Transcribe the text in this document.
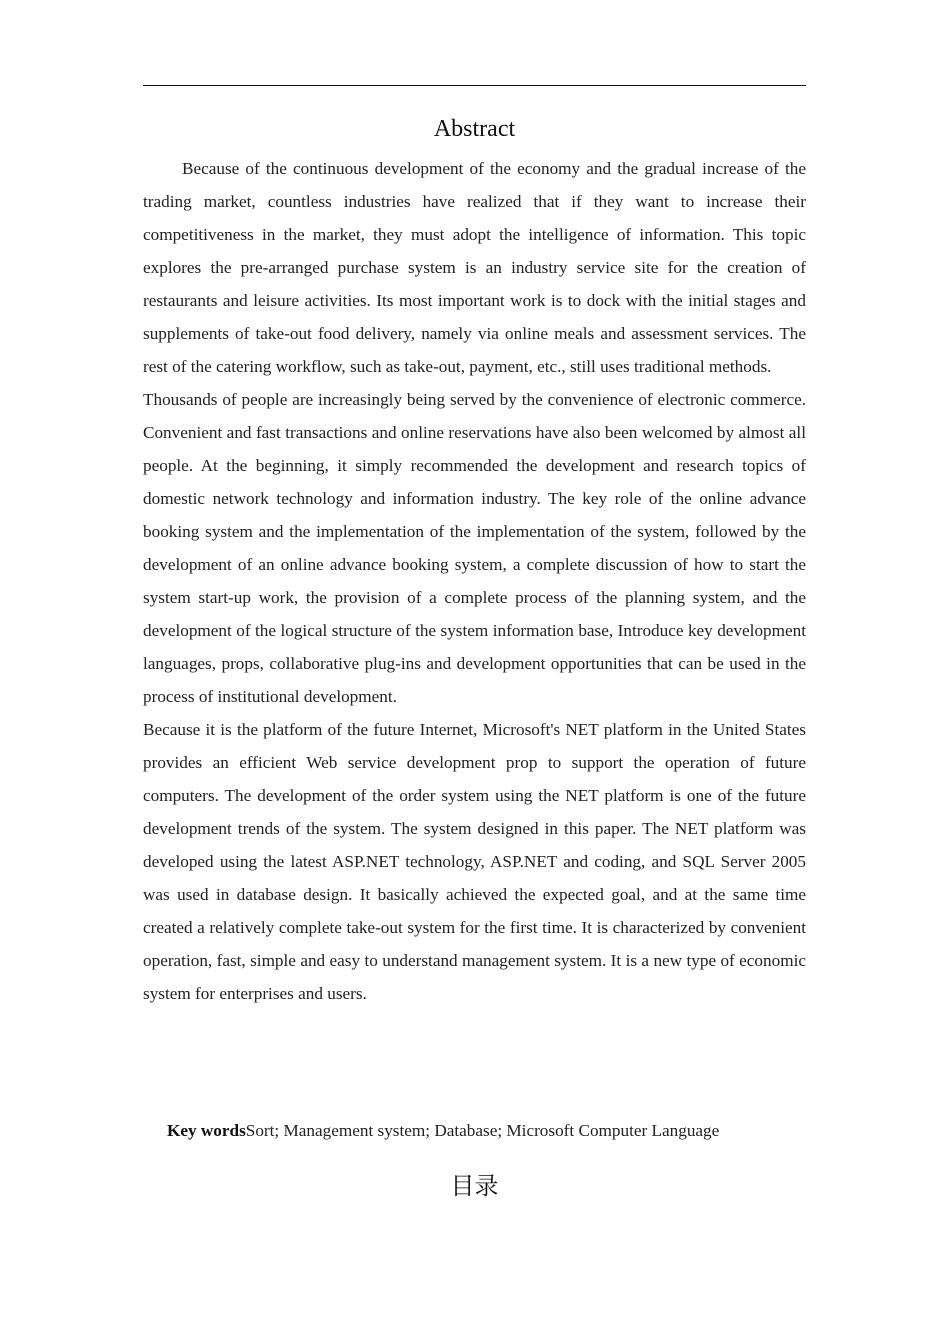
Abstract

Because of the continuous development of the economy and the gradual increase of the trading market, countless industries have realized that if they want to increase their competitiveness in the market, they must adopt the intelligence of information. This topic explores the pre-arranged purchase system is an industry service site for the creation of restaurants and leisure activities. Its most important work is to dock with the initial stages and supplements of take-out food delivery, namely via online meals and assessment services. The rest of the catering workflow, such as take-out, payment, etc., still uses traditional methods.

Thousands of people are increasingly being served by the convenience of electronic commerce. Convenient and fast transactions and online reservations have also been welcomed by almost all people. At the beginning, it simply recommended the development and research topics of domestic network technology and information industry. The key role of the online advance booking system and the implementation of the implementation of the system, followed by the development of an online advance booking system, a complete discussion of how to start the system start-up work, the provision of a complete process of the planning system, and the development of the logical structure of the system information base, Introduce key development languages, props, collaborative plug-ins and development opportunities that can be used in the process of institutional development.

Because it is the platform of the future Internet, Microsoft's NET platform in the United States provides an efficient Web service development prop to support the operation of future computers. The development of the order system using the NET platform is one of the future development trends of the system. The system designed in this paper. The NET platform was developed using the latest ASP.NET technology, ASP.NET and coding, and SQL Server 2005 was used in database design. It basically achieved the expected goal, and at the same time created a relatively complete take-out system for the first time. It is characterized by convenient operation, fast, simple and easy to understand management system. It is a new type of economic system for enterprises and users.

Key wordsSort; Management system; Database; Microsoft Computer Language
目录
